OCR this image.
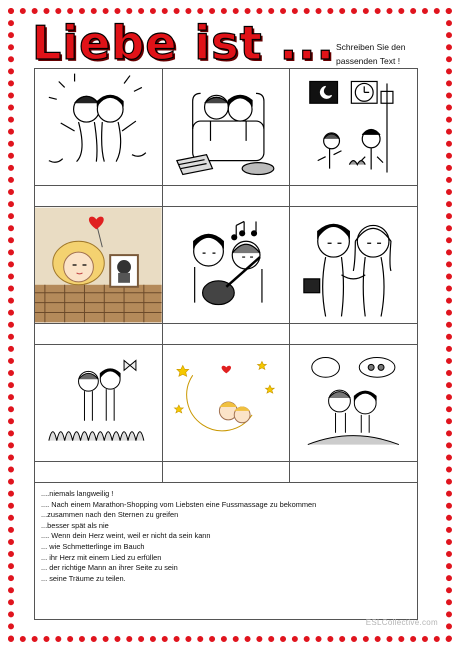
Liebe ist ... Schreiben Sie den
passenden Text !

....niemals langweilig !
.... Nach einem Marathon-Shopping vom Liebsten eine Fussmassage zu bekommen
...zusammen nach den Sternen zu greifen
...besser spät als nie
.... Wenn dein Herz weint, weil er nicht da sein kann
... wie Schmetterlinge im Bauch
... ihr Herz mit einem Lied zu erfüllen
... der richtige Mann an ihrer Seite zu sein
... seine Träume zu teilen.
ESLCollective.com
